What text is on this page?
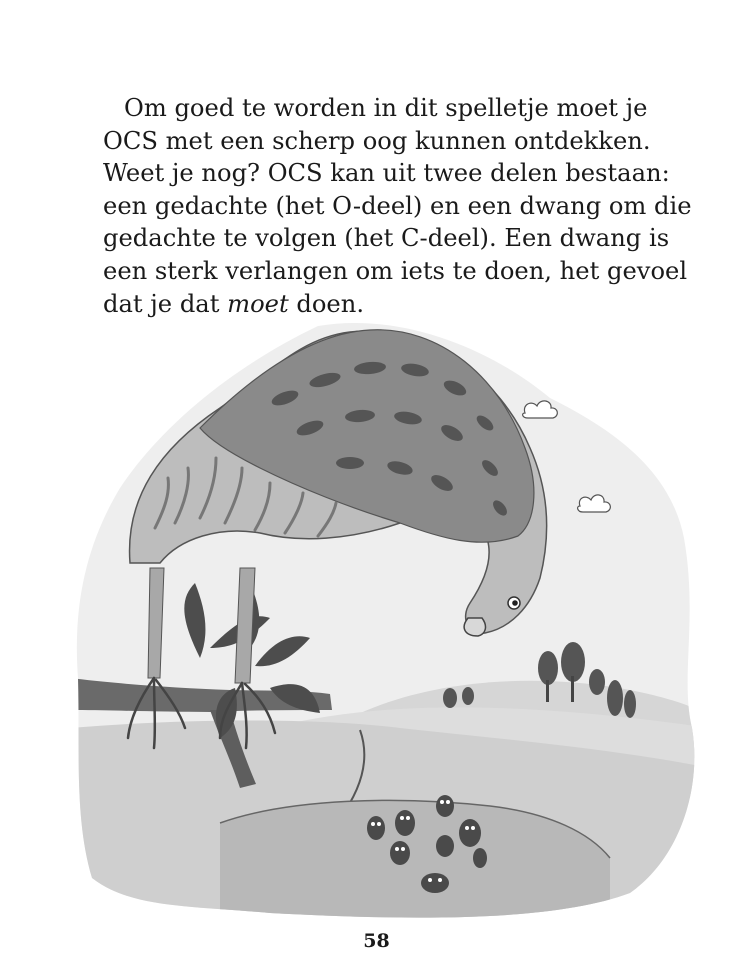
Om goed te worden in dit spelletje moet je
OCS met een scherp oog kunnen ontdekken.
Weet je nog? OCS kan uit twee delen bestaan:
een gedachte (het O-deel) en een dwang om die
gedachte te volgen (het C-deel). Een dwang is
een sterk verlangen om iets te doen, het gevoel
dat je dat moet doen.

58
